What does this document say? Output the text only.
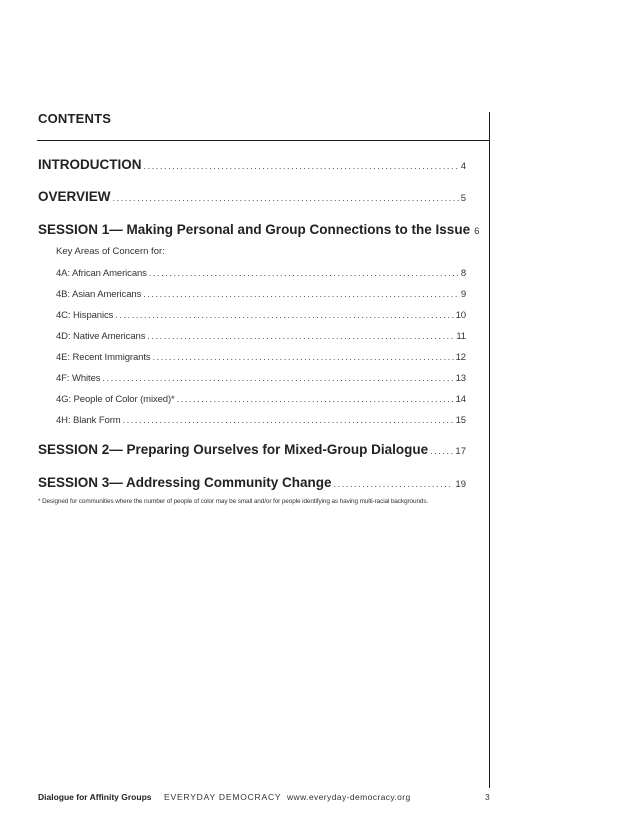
CONTENTS
INTRODUCTION .....	4
OVERVIEW .....	5
SESSION 1— Making Personal and Group Connections to the Issue 6
Key Areas of Concern for:
4A: African Americans .....	8
4B: Asian Americans .....	9
4C: Hispanics .....	10
4D: Native Americans .....	11
4E: Recent Immigrants .....	12
4F: Whites .....	13
4G: People of Color (mixed)* .....	14
4H: Blank Form .....	15
SESSION 2— Preparing Ourselves for Mixed-Group Dialogue .....	17
SESSION 3— Addressing Community Change .....	19
* Designed for communities where the number of people of color may be small and/or for people identifying as having multi-racial backgrounds.
Dialogue for Affinity Groups EVERYDAY DEMOCRACY www.everyday-democracy.org	3
